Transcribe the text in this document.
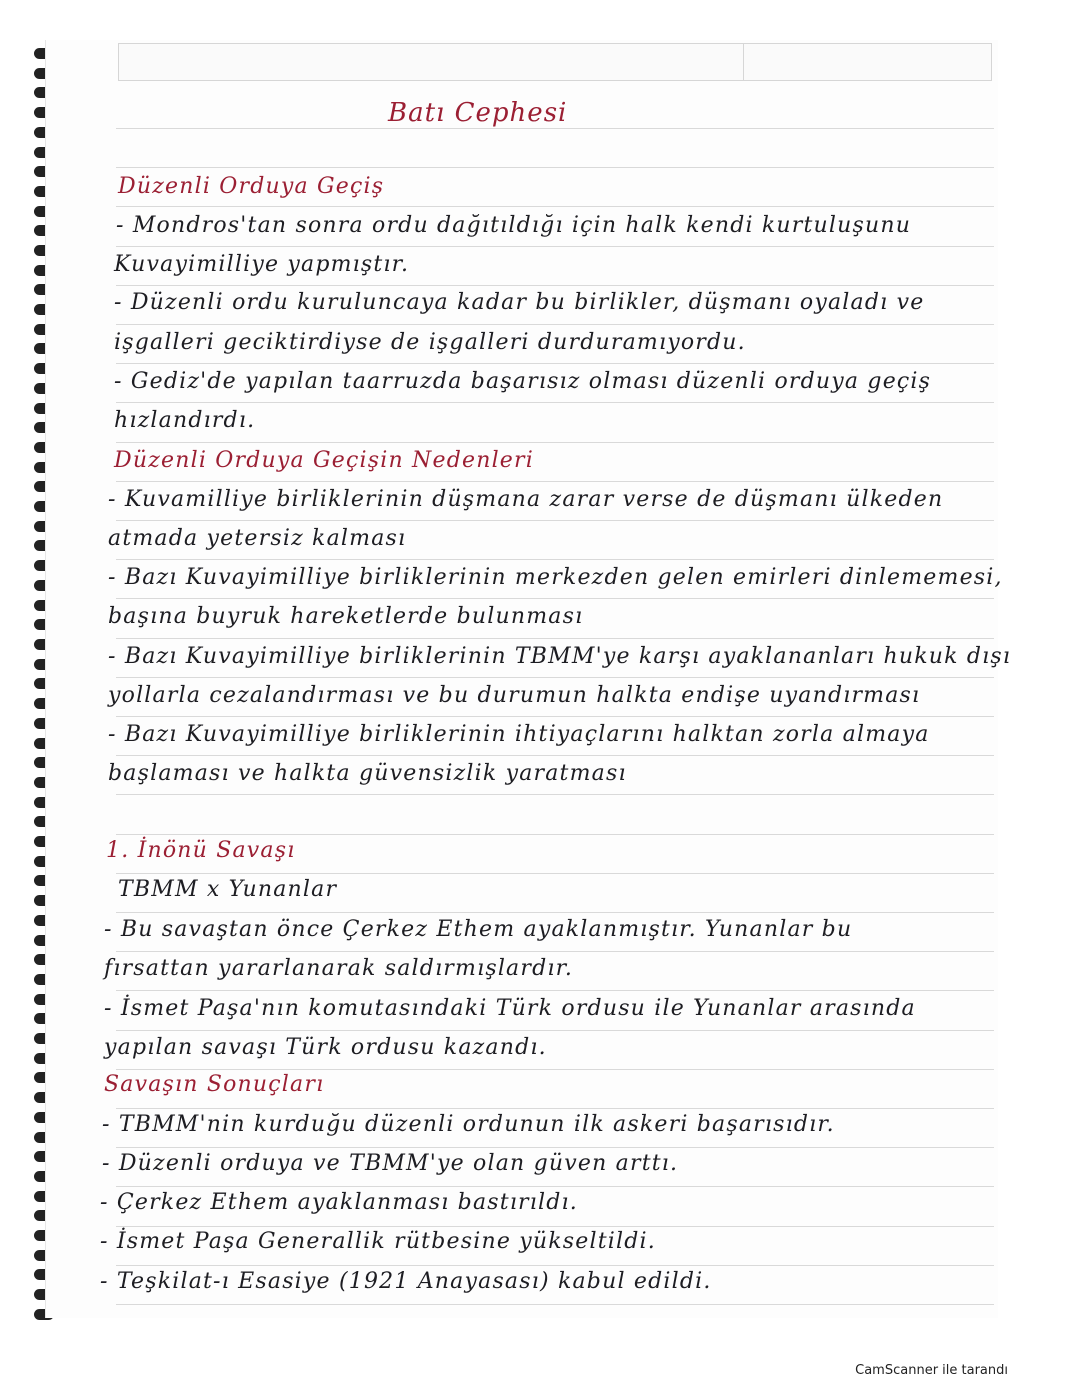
Batı Cephesi
Düzenli Orduya Geçiş
- Mondros'tan sonra ordu dağıtıldığı için halk kendi kurtuluşunu
Kuvayimilliye yapmıştır.
- Düzenli ordu kuruluncaya kadar bu birlikler, düşmanı oyaladı ve
işgalleri geciktirdiyse de işgalleri durduramıyordu.
- Gediz'de yapılan taarruzda başarısız olması düzenli orduya geçiş
hızlandırdı.
Düzenli Orduya Geçişin Nedenleri
- Kuvamilliye birliklerinin düşmana zarar verse de düşmanı ülkeden
atmada yetersiz kalması
- Bazı Kuvayimilliye birliklerinin merkezden gelen emirleri dinlememesi,
başına buyruk hareketlerde bulunması
- Bazı Kuvayimilliye birliklerinin TBMM'ye karşı ayaklananları hukuk dışı
yollarla cezalandırması ve bu durumun halkta endişe uyandırması
- Bazı Kuvayimilliye birliklerinin ihtiyaçlarını halktan zorla almaya
başlaması ve halkta güvensizlik yaratması
1. İnönü Savaşı
TBMM x Yunanlar
- Bu savaştan önce Çerkez Ethem ayaklanmıştır. Yunanlar bu
fırsattan yararlanarak saldırmışlardır.
- İsmet Paşa'nın komutasındaki Türk ordusu ile Yunanlar arasında
yapılan savaşı Türk ordusu kazandı.
Savaşın Sonuçları
- TBMM'nin kurduğu düzenli ordunun ilk askeri başarısıdır.
- Düzenli orduya ve TBMM'ye olan güven arttı.
- Çerkez Ethem ayaklanması bastırıldı.
- İsmet Paşa Generallik rütbesine yükseltildi.
- Teşkilat-ı Esasiye (1921 Anayasası) kabul edildi.
CamScanner ile tarandı
